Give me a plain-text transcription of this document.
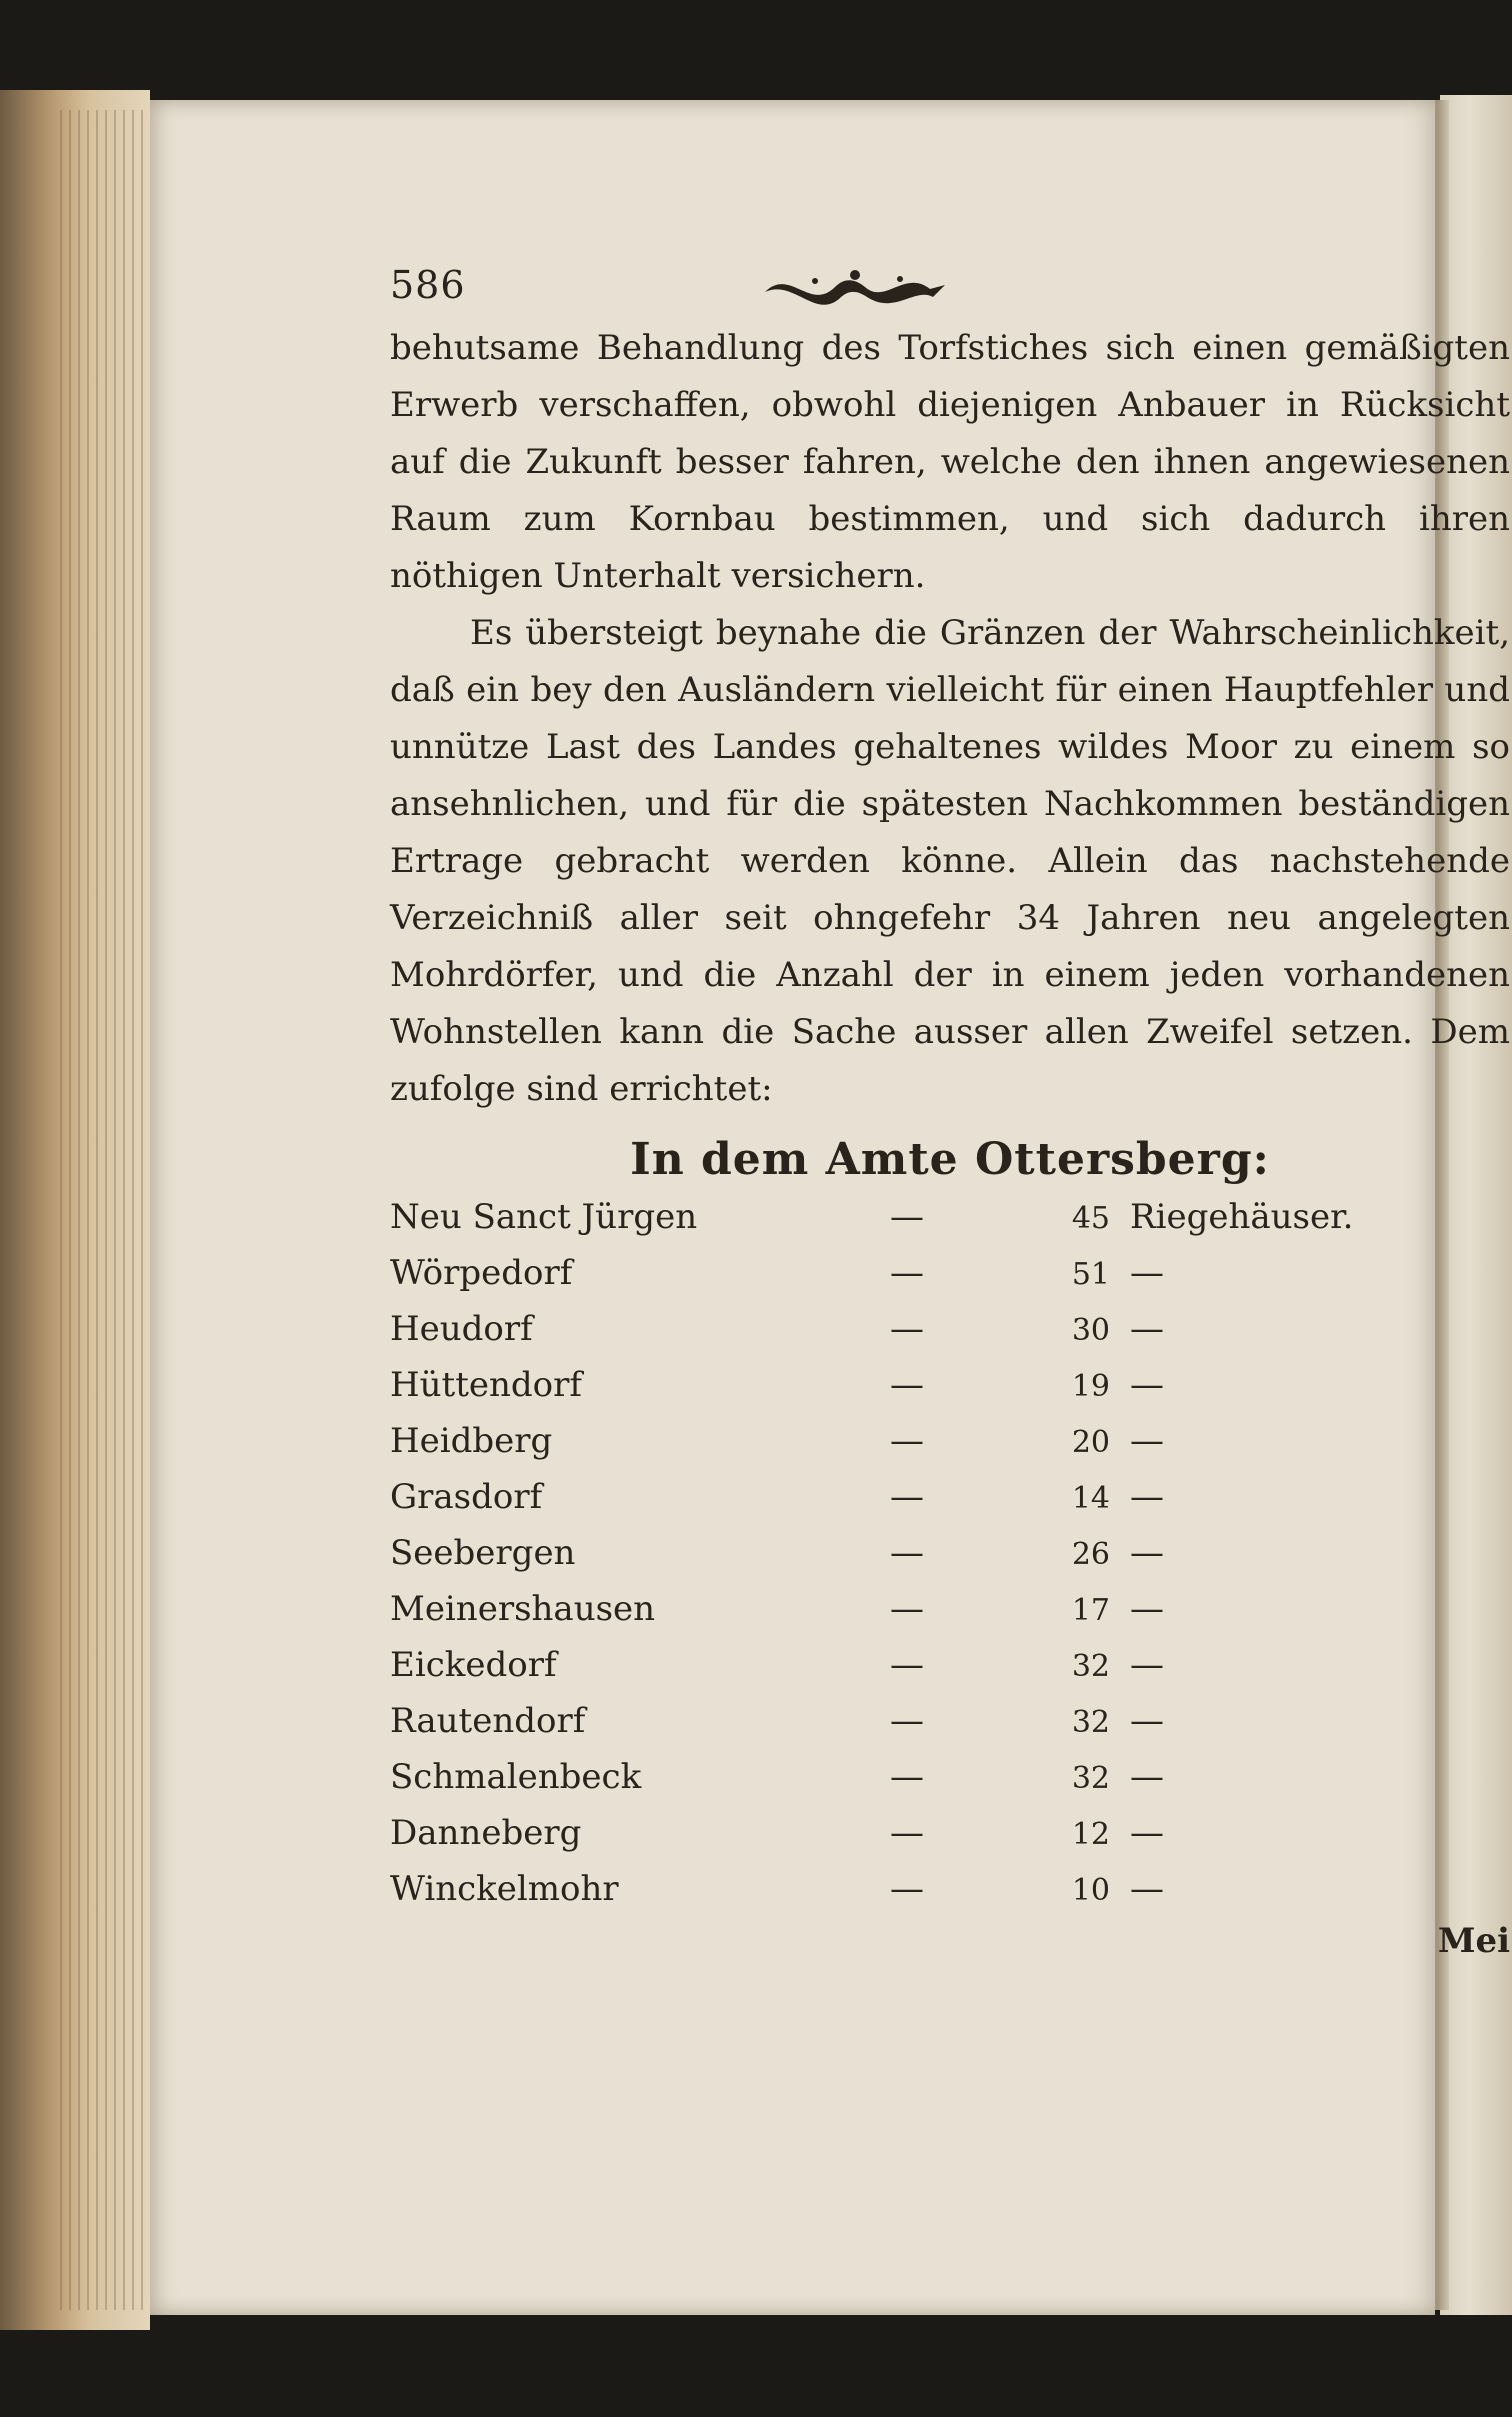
586

behutsame Behandlung des Torfstiches sich einen gemäßigten Erwerb verschaffen, obwohl diejenigen Anbauer in Rücksicht auf die Zukunft besser fahren, welche den ihnen angewiesenen Raum zum Kornbau bestimmen, und sich dadurch ihren nöthigen Unterhalt versichern.

Es übersteigt beynahe die Gränzen der Wahrscheinlichkeit, daß ein bey den Ausländern vielleicht für einen Hauptfehler und unnütze Last des Landes gehaltenes wildes Moor zu einem so ansehnlichen, und für die spätesten Nachkommen beständigen Ertrage gebracht werden könne. Allein das nachstehende Verzeichniß aller seit ohngefehr 34 Jahren neu angelegten Mohrdörfer, und die Anzahl der in einem jeden vorhandenen Wohnstellen kann die Sache ausser allen Zweifel setzen. Dem zufolge sind errichtet:

In dem Amte Ottersberg:
Neu Sanct Jürgen	—	45 Riegehäuser.
Wörpedorf	—	51 —
Heudorf	—	30 —
Hüttendorf	—	19 —
Heidberg	—	20 —
Grasdorf	—	14 —
Seebergen	—	26 —
Meinershausen	—	17 —
Eickedorf	—	32 —
Rautendorf	—	32 —
Schmalenbeck	—	32 —
Danneberg	—	12 —
Winckelmohr	—	10 —
Mei
